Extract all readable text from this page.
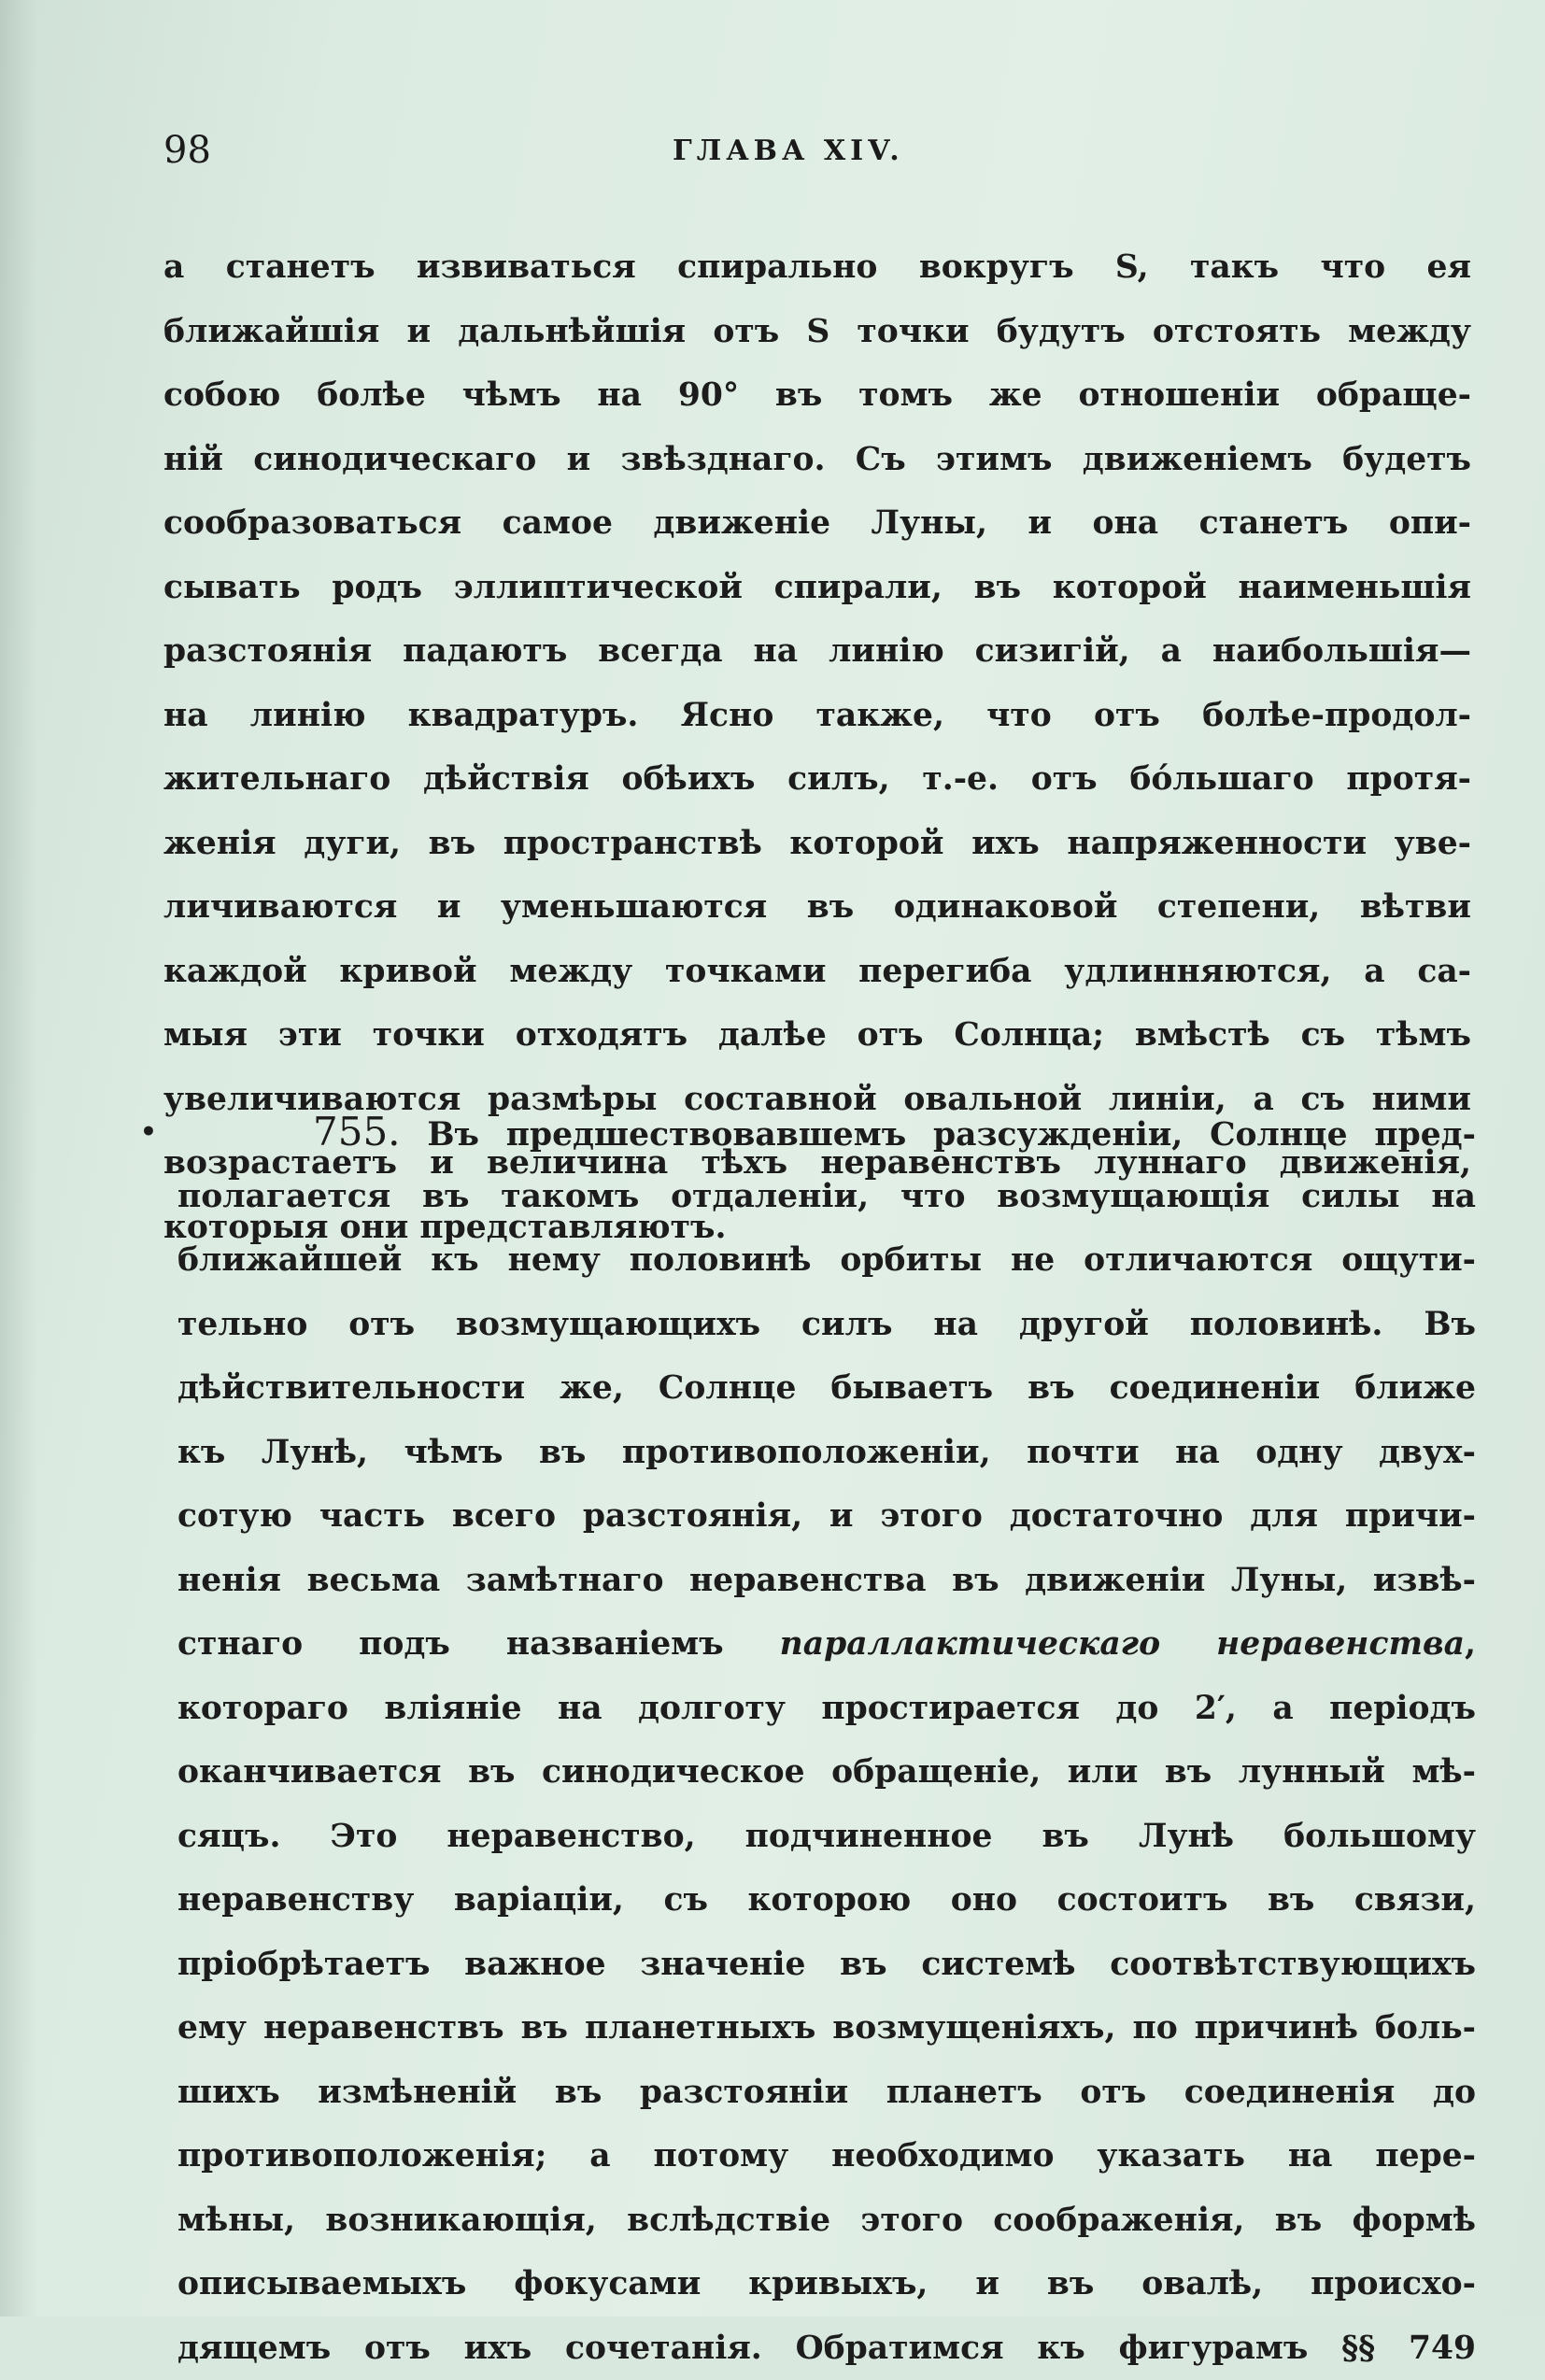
98	ГЛАВА XIV.
а станетъ извиваться спирально вокругъ S, такъ что ея
ближайшія и дальнѣйшія отъ S точки будутъ отстоять между
собою болѣе чѣмъ на 90° въ томъ же отношеніи обраще-
ній синодическаго и звѣзднаго. Съ этимъ движеніемъ будетъ
сообразоваться самое движеніе Луны, и она станетъ опи-
сывать родъ эллиптической спирали, въ которой наименьшія
разстоянія падаютъ всегда на линію сизигій, а наибольшія—
на линію квадратуръ. Ясно также, что отъ болѣе-продол-
жительнаго дѣйствія обѣихъ силъ, т.-е. отъ бóльшаго протя-
женія дуги, въ пространствѣ которой ихъ напряженности уве-
личиваются и уменьшаются въ одинаковой степени, вѣтви
каждой кривой между точками перегиба удлинняются, а са-
мыя эти точки отходятъ далѣе отъ Солнца; вмѣстѣ съ тѣмъ
увеличиваются размѣры составной овальной линіи, а съ ними
возрастаетъ и величина тѣхъ неравенствъ луннаго движенія,
которыя они представляютъ.
•	755. Въ предшествовавшемъ разсужденіи, Солнце пред-
полагается въ такомъ отдаленіи, что возмущающія силы на
ближайшей къ нему половинѣ орбиты не отличаются ощути-
тельно отъ возмущающихъ силъ на другой половинѣ. Въ
дѣйствительности же, Солнце бываетъ въ соединеніи ближе
къ Лунѣ, чѣмъ въ противоположеніи, почти на одну двух-
сотую часть всего разстоянія, и этого достаточно для причи-
ненія весьма замѣтнаго неравенства въ движеніи Луны, извѣ-
стнаго подъ названіемъ параллактическаго неравенства,
котораго вліяніе на долготу простирается до 2′, а періодъ
оканчивается въ синодическое обращеніе, или въ лунный мѣ-
сяцъ. Это неравенство, подчиненное въ Лунѣ большому
неравенству варіаціи, съ которою оно состоитъ въ связи,
пріобрѣтаетъ важное значеніе въ системѣ соотвѣтствующихъ
ему неравенствъ въ планетныхъ возмущеніяхъ, по причинѣ боль-
шихъ измѣненій въ разстояніи планетъ отъ соединенія до
противоположенія; а потому необходимо указать на пере-
мѣны, возникающія, вслѣдствіе этого соображенія, въ формѣ
описываемыхъ фокусами кривыхъ, и въ овалѣ, происхо-
дящемъ отъ ихъ сочетанія. Обратимся къ фигурамъ §§ 749
